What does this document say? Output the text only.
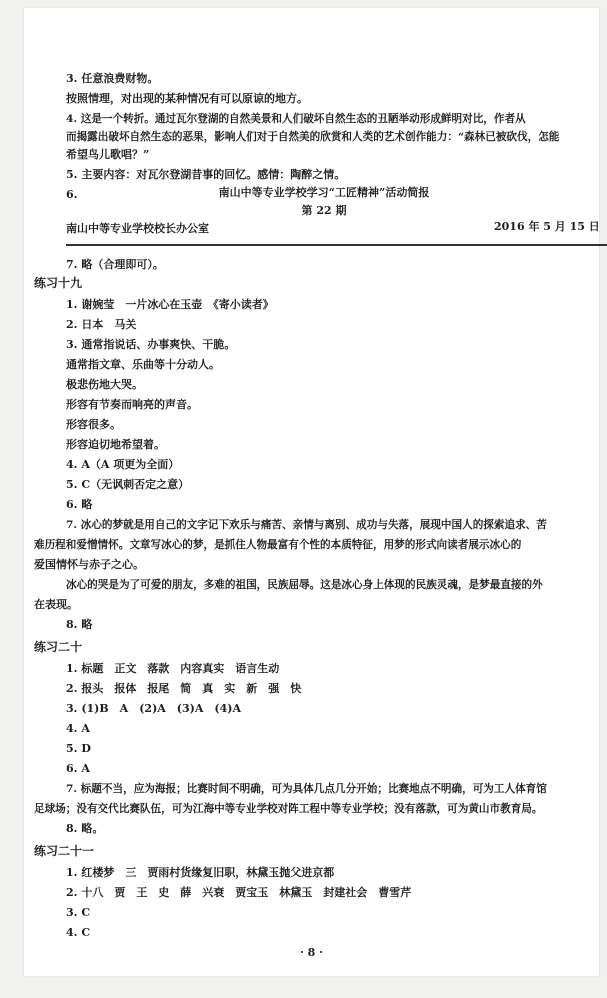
3. 任意浪费财物。
按照情理，对出现的某种情况有可以原谅的地方。
4. 这是一个转折。通过瓦尔登湖的自然美景和人们破坏自然生态的丑陋举动形成鲜明对比，作者从
而揭露出破坏自然生态的恶果，影响人们对于自然美的欣赏和人类的艺术创作能力：“森林已被砍伐，怎能
希望鸟儿歌唱？”
5. 主要内容：对瓦尔登湖昔事的回忆。感情：陶醉之情。
6.	南山中等专业学校学习“工匠精神”活动简报
第 22 期
南山中等专业学校校长办公室	2016 年 5 月 15 日
7. 略（合理即可）。
练习十九
1. 谢婉莹　一片冰心在玉壶　《寄小读者》
2. 日本　马关
3. 通常指说话、办事爽快、干脆。
通常指文章、乐曲等十分动人。
极悲伤地大哭。
形容有节奏而响亮的声音。
形容很多。
形容迫切地希望着。
4. A（A 项更为全面）
5. C（无讽刺否定之意）
6. 略
7. 冰心的梦就是用自己的文字记下欢乐与痛苦、亲情与离别、成功与失落，展现中国人的探索追求、苦
难历程和爱憎情怀。文章写冰心的梦，是抓住人物最富有个性的本质特征，用梦的形式向读者展示冰心的
爱国情怀与赤子之心。
冰心的哭是为了可爱的朋友，多难的祖国，民族屈辱。这是冰心身上体现的民族灵魂，是梦最直接的外
在表现。
8. 略
练习二十
1. 标题　正文　落款　内容真实　语言生动
2. 报头　报体　报尾　简　真　实　新　强　快
3. (1)B　A　(2)A　(3)A　(4)A
4. A
5. D
6. A
7. 标题不当，应为海报；比赛时间不明确，可为具体几点几分开始；比赛地点不明确，可为工人体育馆
足球场；没有交代比赛队伍，可为江海中等专业学校对阵工程中等专业学校；没有落款，可为黄山市教育局。
8. 略。
练习二十一
1. 红楼梦　三　贾雨村货缘复旧职，林黛玉抛父进京都
2. 十八　贾　王　史　薛　兴衰　贾宝玉　林黛玉　封建社会　曹雪芹
3. C
4. C
· 8 ·
